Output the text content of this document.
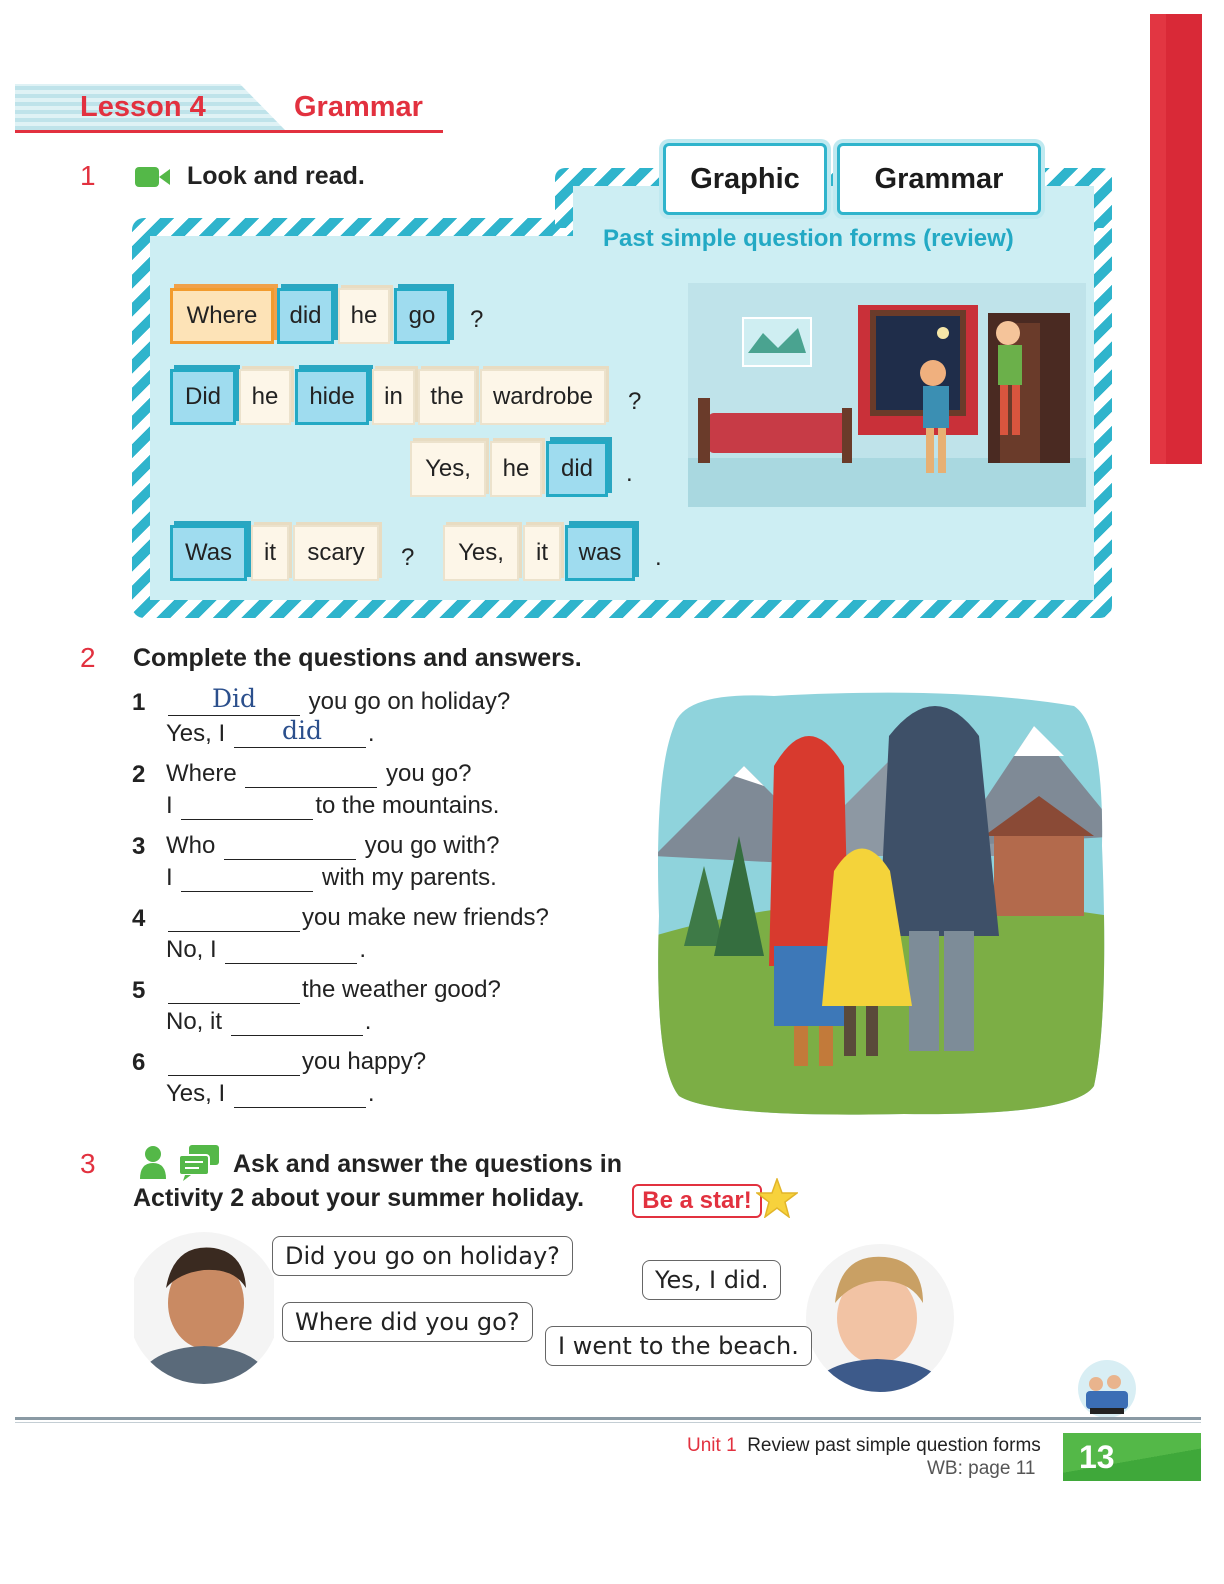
Lesson 4	Grammar
1	Look and read.	Graphic	Grammar
Past simple question forms (review)
Where	did	he	go	?
Did	he	hide	in	the	wardrobe	?
Yes,	he	did	.
Was	it	scary	?	Yes,	it	was	.
2 Complete the questions and answers.
1	you go on holiday?
Did
Yes, I	.
did
2 Where	you go?
I	to the mountains.
3 Who	you go with?
I	with my parents.
4	you make new friends?
No, I	.
5	the weather good?
No, it	.
6	you happy?
Yes, I	.
3	Ask and answer the questions in
Activity 2 about your summer holiday.	Be a star!
Did you go on holiday?
Where did you go?
Yes, I did.
I went to the beach.
Unit 1 Review past simple question forms
WB: page 11	13
